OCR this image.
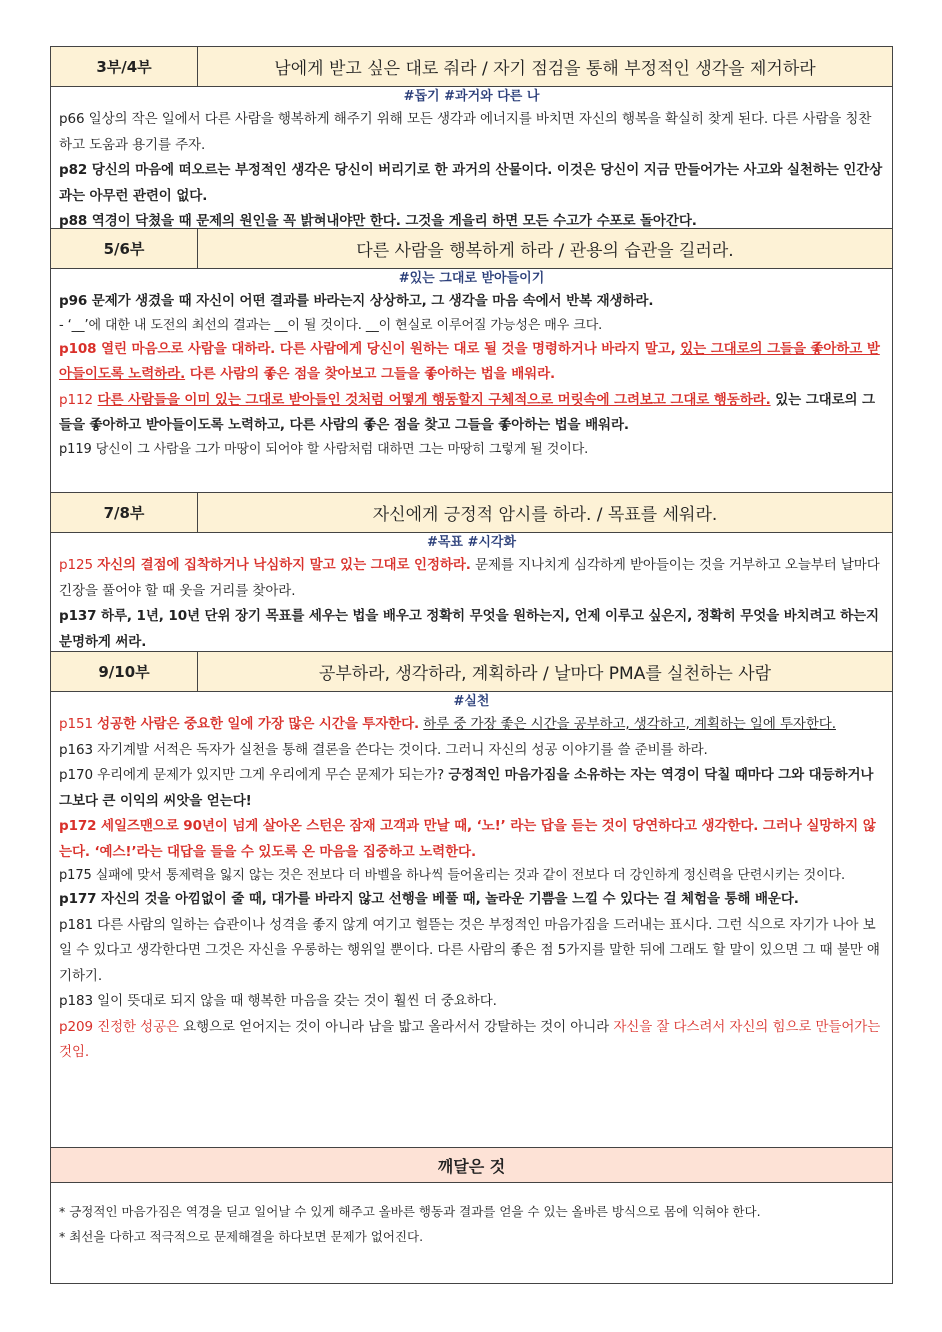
3부/4부	남에게 받고 싶은 대로 줘라 / 자기 점검을 통해 부정적인 생각을 제거하라
#돕기 #과거와 다른 나

p66 일상의 작은 일에서 다른 사람을 행복하게 해주기 위해 모든 생각과 에너지를 바치면 자신의 행복을 확실히 찾게 된다. 다른 사람을 칭찬하고 도움과 용기를 주자.

p82 당신의 마음에 떠오르는 부정적인 생각은 당신이 버리기로 한 과거의 산물이다. 이것은 당신이 지금 만들어가는 사고와 실천하는 인간상과는 아무런 관련이 없다.

p88 역경이 닥쳤을 때 문제의 원인을 꼭 밝혀내야만 한다. 그것을 게을리 하면 모든 수고가 수포로 돌아간다.

5/6부	다른 사람을 행복하게 하라 / 관용의 습관을 길러라.
#있는 그대로 받아들이기

p96 문제가 생겼을 때 자신이 어떤 결과를 바라는지 상상하고, 그 생각을 마음 속에서 반복 재생하라.

- ‘__’에 대한 내 도전의 최선의 결과는 __이 될 것이다. __이 현실로 이루어질 가능성은 매우 크다.

p108 열린 마음으로 사람을 대하라. 다른 사람에게 당신이 원하는 대로 될 것을 명령하거나 바라지 말고, 있는 그대로의 그들을 좋아하고 받아들이도록 노력하라. 다른 사람의 좋은 점을 찾아보고 그들을 좋아하는 법을 배워라.

p112 다른 사람들을 이미 있는 그대로 받아들인 것처럼 어떻게 행동할지 구체적으로 머릿속에 그려보고 그대로 행동하라. 있는 그대로의 그들을 좋아하고 받아들이도록 노력하고, 다른 사람의 좋은 점을 찾고 그들을 좋아하는 법을 배워라.

p119 당신이 그 사람을 그가 마땅이 되어야 할 사람처럼 대하면 그는 마땅히 그렇게 될 것이다.

7/8부	자신에게 긍정적 암시를 하라. / 목표를 세워라.
#목표 #시각화

p125 자신의 결점에 집착하거나 낙심하지 말고 있는 그대로 인정하라. 문제를 지나치게 심각하게 받아들이는 것을 거부하고 오늘부터 날마다 긴장을 풀어야 할 때 웃을 거리를 찾아라.

p137 하루, 1년, 10년 단위 장기 목표를 세우는 법을 배우고 정확히 무엇을 원하는지, 언제 이루고 싶은지, 정확히 무엇을 바치려고 하는지 분명하게 써라.

9/10부	공부하라, 생각하라, 계획하라 / 날마다 PMA를 실천하는 사람
#실천

p151 성공한 사람은 중요한 일에 가장 많은 시간을 투자한다. 하루 중 가장 좋은 시간을 공부하고, 생각하고, 계획하는 일에 투자한다.

p163 자기계발 서적은 독자가 실천을 통해 결론을 쓴다는 것이다. 그러니 자신의 성공 이야기를 쓸 준비를 하라.

p170 우리에게 문제가 있지만 그게 우리에게 무슨 문제가 되는가? 긍정적인 마음가짐을 소유하는 자는 역경이 닥칠 때마다 그와 대등하거나 그보다 큰 이익의 씨앗을 얻는다!

p172 세일즈맨으로 90년이 넘게 살아온 스턴은 잠재 고객과 만날 때, ‘노!’ 라는 답을 듣는 것이 당연하다고 생각한다. 그러나 실망하지 않는다. ‘예스!’라는 대답을 들을 수 있도록 온 마음을 집중하고 노력한다.

p175 실패에 맞서 통제력을 잃지 않는 것은 전보다 더 바벨을 하나씩 들어올리는 것과 같이 전보다 더 강인하게 정신력을 단련시키는 것이다.

p177 자신의 것을 아낌없이 줄 때, 대가를 바라지 않고 선행을 베풀 때, 놀라운 기쁨을 느낄 수 있다는 걸 체험을 통해 배운다.

p181 다른 사람의 일하는 습관이나 성격을 좋지 않게 여기고 헐뜯는 것은 부정적인 마음가짐을 드러내는 표시다. 그런 식으로 자기가 나아 보일 수 있다고 생각한다면 그것은 자신을 우롱하는 행위일 뿐이다. 다른 사람의 좋은 점 5가지를 말한 뒤에 그래도 할 말이 있으면 그 때 불만 얘기하기.

p183 일이 뜻대로 되지 않을 때 행복한 마음을 갖는 것이 훨씬 더 중요하다.

p209 진정한 성공은 요행으로 얻어지는 것이 아니라 남을 밟고 올라서서 강탈하는 것이 아니라 자신을 잘 다스려서 자신의 힘으로 만들어가는 것임.

깨달은 것
* 긍정적인 마음가짐은 역경을 딛고 일어날 수 있게 해주고 올바른 행동과 결과를 얻을 수 있는 올바른 방식으로 몸에 익혀야 한다.
* 최선을 다하고 적극적으로 문제해결을 하다보면 문제가 없어진다.
